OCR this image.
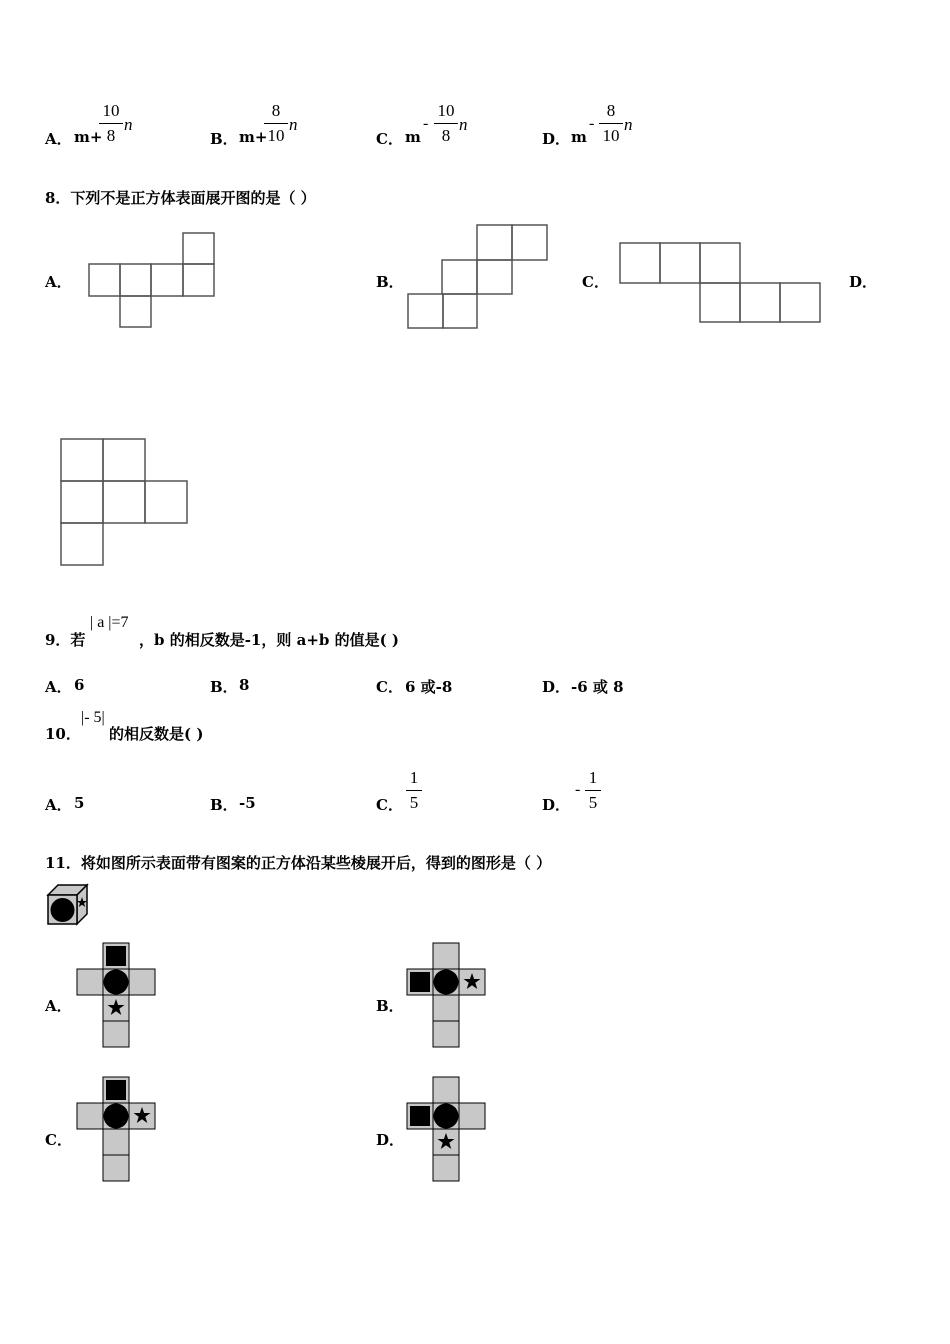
A． m+
10
8
n
B． m+
8
10
n
C． m
-
10
8
n
D． m
-
8
10
n
8．下列不是正方体表面展开图的是（ ）
A．	B．	C．	D．
9．若
| a |=7
，b 的相反数是-1，则 a+b 的值是( )
A． 6	B． 8	C． 6 或-8	D． -6 或 8
10．
|- 5|
的相反数是( )
A． 5	B． -5	C．
1
5	D．
-
1
5
11．将如图所示表面带有图案的正方体沿某些棱展开后，得到的图形是（ ）
A．	B．
C．	D．
